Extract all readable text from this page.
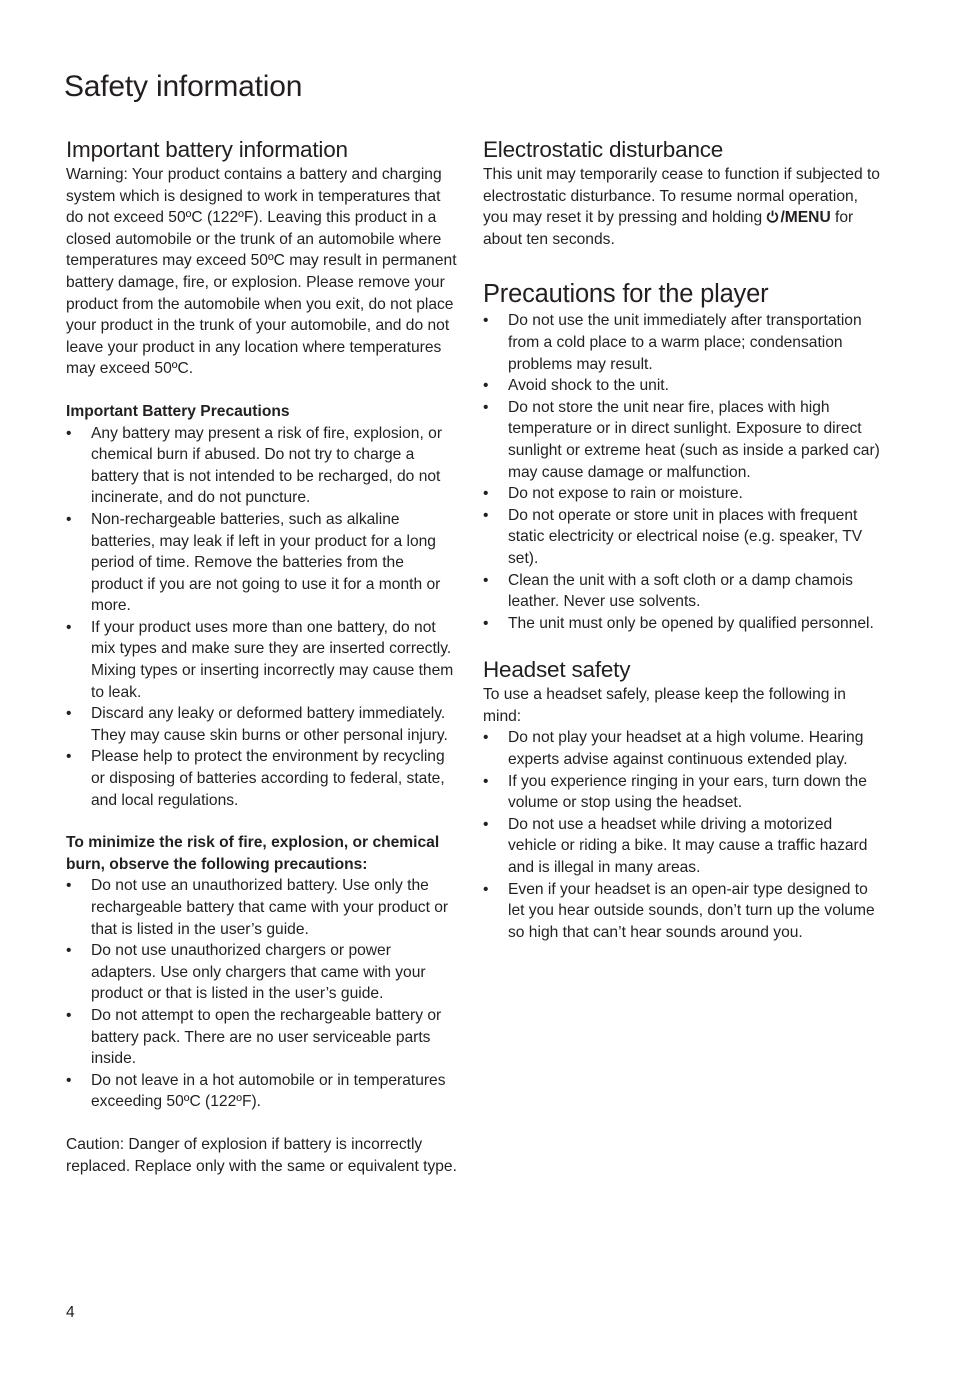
Safety information
Important battery information

Warning: Your product contains a battery and charging system which is designed to work in temperatures that do not exceed 50ºC (122ºF). Leaving this product in a closed automobile or the trunk of an automobile where temperatures may exceed 50ºC may result in permanent battery damage, fire, or explosion. Please remove your product from the automobile when you exit, do not place your product in the trunk of your automobile, and do not leave your product in any location where temperatures may exceed 50ºC.

Important Battery Precautions
•	Any battery may present a risk of fire, explosion, or chemical burn if abused. Do not try to charge a battery that is not intended to be recharged, do not incinerate, and do not puncture.
•	Non-rechargeable batteries, such as alkaline batteries, may leak if left in your product for a long period of time. Remove the batteries from the product if you are not going to use it for a month or more.
•	If your product uses more than one battery, do not mix types and make sure they are inserted correctly. Mixing types or inserting incorrectly may cause them to leak.
•	Discard any leaky or deformed battery immediately. They may cause skin burns or other personal injury.
•	Please help to protect the environment by recycling or disposing of batteries according to federal, state, and local regulations.
To minimize the risk of fire, explosion, or chemical burn, observe the following precautions:
•	Do not use an unauthorized battery. Use only the rechargeable battery that came with your product or that is listed in the user’s guide.
•	Do not use unauthorized chargers or power adapters. Use only chargers that came with your product or that is listed in the user’s guide.
•	Do not attempt to open the rechargeable battery or battery pack. There are no user serviceable parts inside.
•	Do not leave in a hot automobile or in temperatures exceeding 50ºC (122ºF).

Caution: Danger of explosion if battery is incorrectly replaced. Replace only with the same or equivalent type.

Electrostatic disturbance

This unit may temporarily cease to function if subjected to electrostatic disturbance. To resume normal operation, you may reset it by pressing and holding /MENU for about ten seconds.

Precautions for the player
•	Do not use the unit immediately after transportation from a cold place to a warm place; condensation problems may result.
•	Avoid shock to the unit.
•	Do not store the unit near fire, places with high temperature or in direct sunlight. Exposure to direct sunlight or extreme heat (such as inside a parked car) may cause damage or malfunction.
•	Do not expose to rain or moisture.
•	Do not operate or store unit in places with frequent static electricity or electrical noise (e.g. speaker, TV set).
•	Clean the unit with a soft cloth or a damp chamois leather. Never use solvents.
•	The unit must only be opened by qualified personnel.
Headset safety

To use a headset safely, please keep the following in mind:

•	Do not play your headset at a high volume. Hearing experts advise against continuous extended play.
•	If you experience ringing in your ears, turn down the volume or stop using the headset.
•	Do not use a headset while driving a motorized vehicle or riding a bike. It may cause a traffic hazard and is illegal in many areas.
•	Even if your headset is an open-air type designed to let you hear outside sounds, don’t turn up the volume so high that can’t hear sounds around you.
4
